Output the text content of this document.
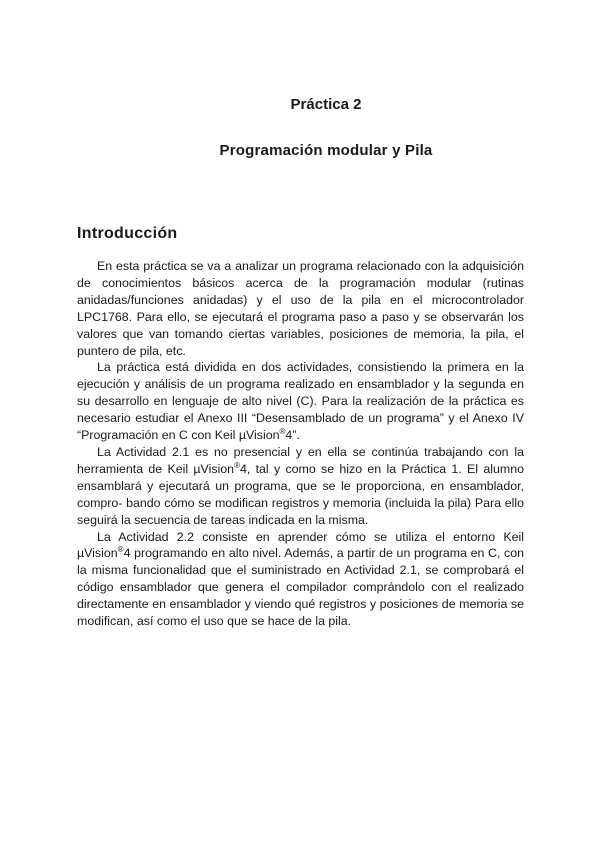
Práctica 2
Programación modular y Pila
Introducción

En esta práctica se va a analizar un programa relacionado con la adquisición de conocimientos básicos acerca de la programación modular (rutinas anidadas/funciones anidadas) y el uso de la pila en el microcontrolador LPC1768. Para ello, se ejecutará el programa paso a paso y se observarán los valores que van tomando ciertas variables, posiciones de memoria, la pila, el puntero de pila, etc.

La práctica está dividida en dos actividades, consistiendo la primera en la ejecución y análisis de un programa realizado en ensamblador y la segunda en su desarrollo en lenguaje de alto nivel (C). Para la realización de la práctica es necesario estudiar el Anexo III “Desensamblado de un programa” y el Anexo IV “Programación en C con Keil µVision®4”.

La Actividad 2.1 es no presencial y en ella se continúa trabajando con la herramienta de Keil µVision®4, tal y como se hizo en la Práctica 1. El alumno ensamblará y ejecutará un programa, que se le proporciona, en ensamblador, compro- bando cómo se modifican registros y memoria (incluida la pila) Para ello seguirá la secuencia de tareas indicada en la misma.

La Actividad 2.2 consiste en aprender cómo se utiliza el entorno Keil µVision®4 programando en alto nivel. Además, a partir de un programa en C, con la misma funcionalidad que el suministrado en Actividad 2.1, se comprobará el código ensamblador que genera el compilador comprándolo con el realizado directamente en ensamblador y viendo qué registros y posiciones de memoria se modifican, así como el uso que se hace de la pila.
